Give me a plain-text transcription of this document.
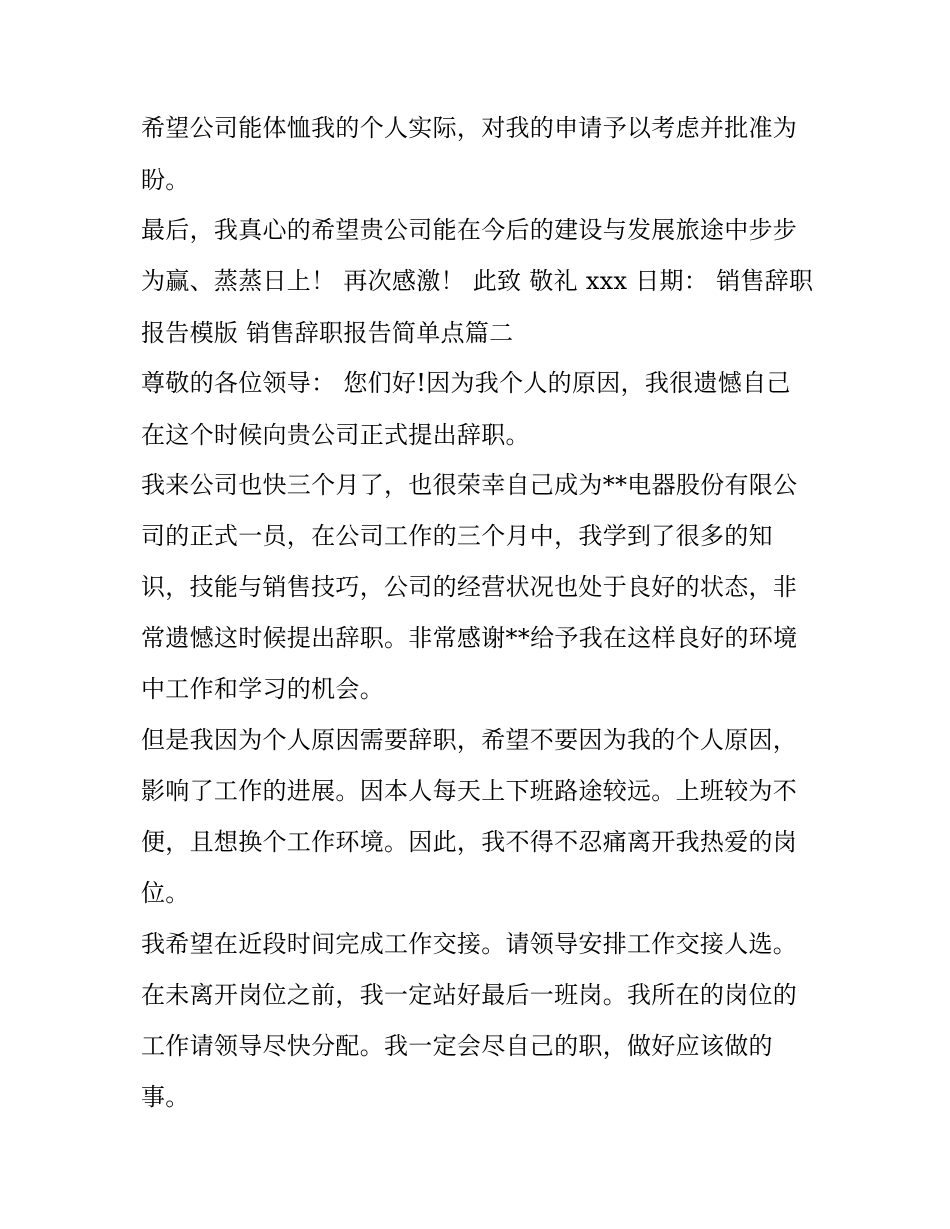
希望公司能体恤我的个人实际，对我的申请予以考虑并批准为
盼。
最后，我真心的希望贵公司能在今后的建设与发展旅途中步步
为赢、蒸蒸日上！ 再次感激！ 此致 敬礼 xxx 日期： 销售辞职
报告模版 销售辞职报告简单点篇二
尊敬的各位领导： 您们好!因为我个人的原因，我很遗憾自己
在这个时候向贵公司正式提出辞职。
我来公司也快三个月了，也很荣幸自己成为**电器股份有限公
司的正式一员，在公司工作的三个月中，我学到了很多的知
识，技能与销售技巧，公司的经营状况也处于良好的状态，非
常遗憾这时候提出辞职。非常感谢**给予我在这样良好的环境
中工作和学习的机会。
但是我因为个人原因需要辞职，希望不要因为我的个人原因，
影响了工作的进展。因本人每天上下班路途较远。上班较为不
便，且想换个工作环境。因此，我不得不忍痛离开我热爱的岗
位。
我希望在近段时间完成工作交接。请领导安排工作交接人选。
在未离开岗位之前，我一定站好最后一班岗。我所在的岗位的
工作请领导尽快分配。我一定会尽自己的职，做好应该做的
事。
